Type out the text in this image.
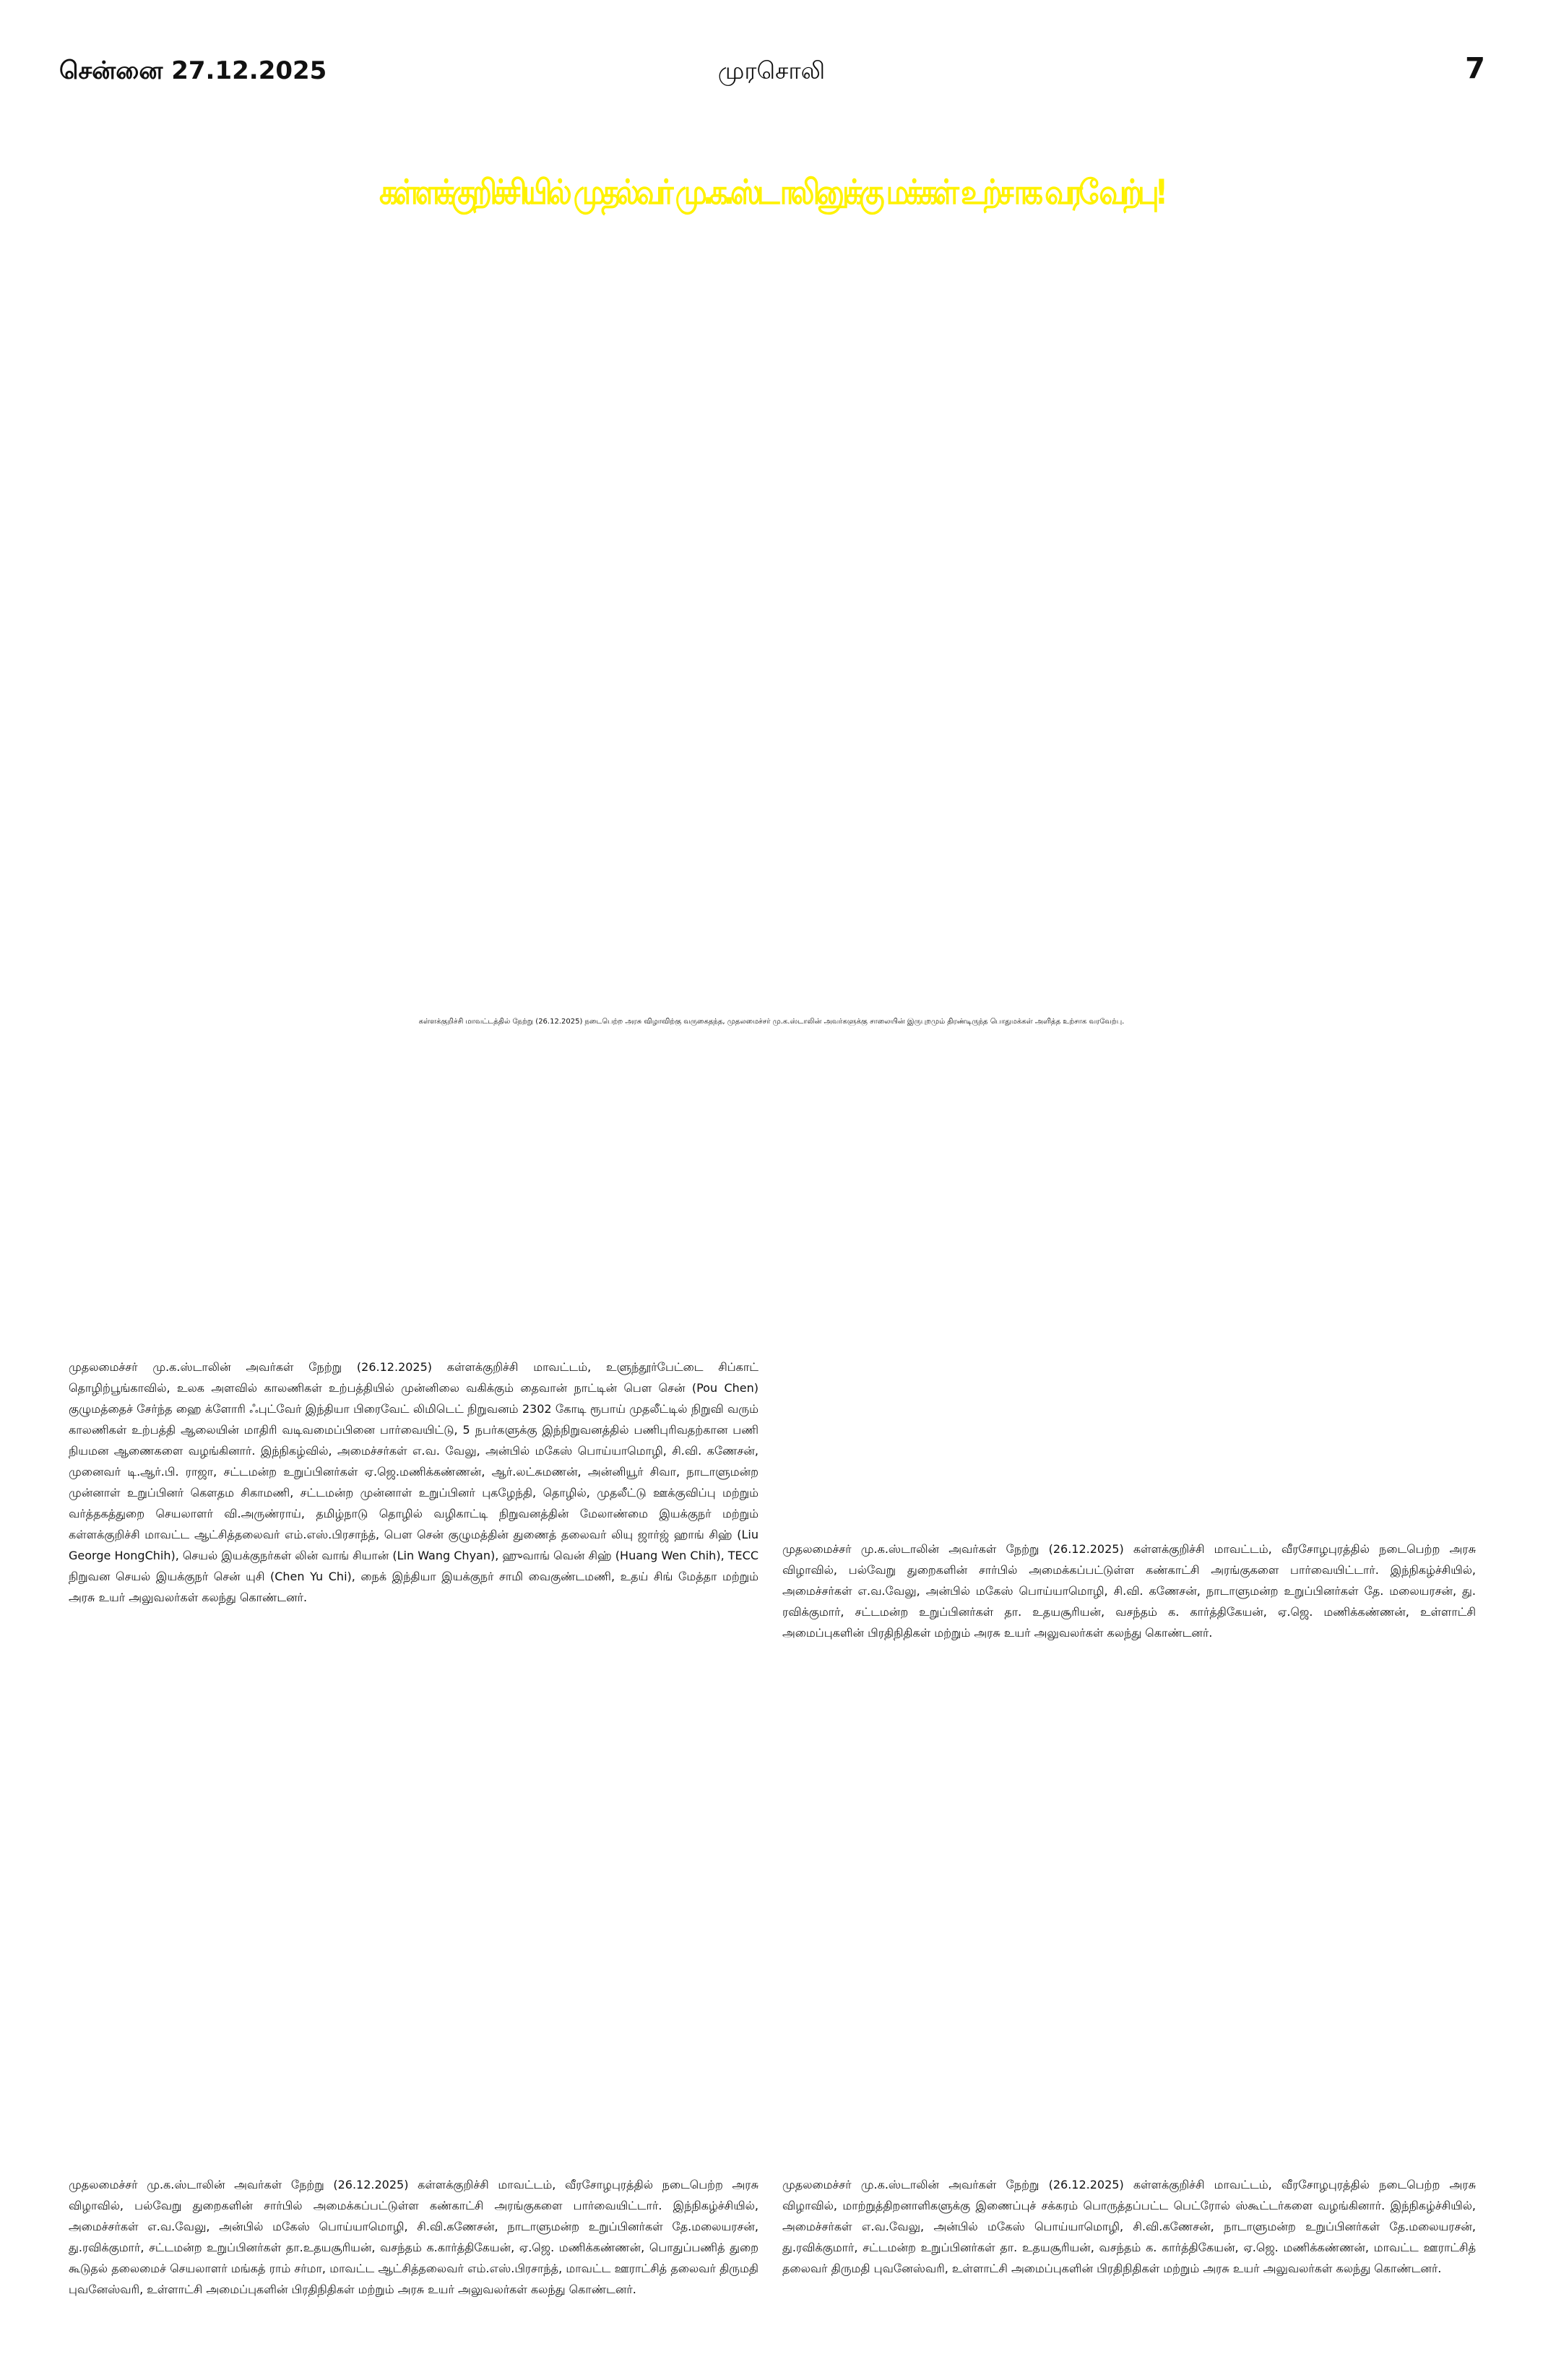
சென்னை 27.12.2025	முரசொலி	7
கள்ளக்குறிச்சியில் முதல்வர் மு.க.ஸ்டாலினுக்கு மக்கள் உற்சாக வரவேற்பு!
கள்ளக்குறிச்சி மாவட்டத்தில் நேற்று (26.12.2025) நடைபெற்ற அரசு விழாவிற்கு வருகைதந்த, முதலமைச்சர் மு.க.ஸ்டாலின் அவர்களுக்கு சாலையின் இருபுறமும் திரண்டிருந்த பொதுமக்கள் அளித்த உற்சாக வரவேற்பு.

முதலமைச்சர் மு.க.ஸ்டாலின் அவர்கள் நேற்று (26.12.2025) கள்ளக்குறிச்சி மாவட்டம், உளுந்தூர்பேட்டை சிப்காட் தொழிற்பூங்காவில், உலக அளவில் காலணிகள் உற்பத்தியில் முன்னிலை வகிக்கும் தைவான் நாட்டின் பௌ சென் (Pou Chen) குழுமத்தைச் சேர்ந்த ஹை க்ளோரி ஃபுட்வேர் இந்தியா பிரைவேட் லிமிடெட் நிறுவனம் 2302 கோடி ரூபாய் முதலீட்டில் நிறுவி வரும் காலணிகள் உற்பத்தி ஆலையின் மாதிரி வடிவமைப்பினை பார்வையிட்டு, 5 நபர்களுக்கு இந்நிறுவனத்தில் பணிபுரிவதற்கான பணி நியமன ஆணைகளை வழங்கினார். இந்நிகழ்வில், அமைச்சர்கள் எ.வ. வேலு, அன்பில் மகேஸ் பொய்யாமொழி, சி.வி. கணேசன், முனைவர் டி.ஆர்.பி. ராஜா, சட்டமன்ற உறுப்பினர்கள் ஏ.ஜெ.மணிக்கண்ணன், ஆர்.லட்சுமணன், அன்னியூர் சிவா, நாடாளுமன்ற முன்னாள் உறுப்பினர் கௌதம சிகாமணி, சட்டமன்ற முன்னாள் உறுப்பினர் புகழேந்தி, தொழில், முதலீட்டு ஊக்குவிப்பு மற்றும் வர்த்தகத்துறை செயலாளர் வி.அருண்ராய், தமிழ்நாடு தொழில் வழிகாட்டி நிறுவனத்தின் மேலாண்மை இயக்குநர் மற்றும் கள்ளக்குறிச்சி மாவட்ட ஆட்சித்தலைவர் எம்.எஸ்.பிரசாந்த், பௌ சென் குழுமத்தின் துணைத் தலைவர் லியு ஜார்ஜ் ஹாங் சிஹ் (Liu George HongChih), செயல் இயக்குநர்கள் லின் வாங் சியான் (Lin Wang Chyan), ஹுவாங் வென் சிஹ் (Huang Wen Chih), TECC நிறுவன செயல் இயக்குநர் சென் யுசி (Chen Yu Chi), நைக் இந்தியா இயக்குநர் சாமி வைகுண்டமணி, உதய் சிங் மேத்தா மற்றும் அரசு உயர் அலுவலர்கள் கலந்து கொண்டனர்.

முதலமைச்சர் மு.க.ஸ்டாலின் அவர்கள் நேற்று (26.12.2025) கள்ளக்குறிச்சி மாவட்டம், வீரசோழபுரத்தில் நடைபெற்ற அரசு விழாவில், பல்வேறு துறைகளின் சார்பில் அமைக்கப்பட்டுள்ள கண்காட்சி அரங்குகளை பார்வையிட்டார். இந்நிகழ்ச்சியில், அமைச்சர்கள் எ.வ.வேலு, அன்பில் மகேஸ் பொய்யாமொழி, சி.வி. கணேசன், நாடாளுமன்ற உறுப்பினர்கள் தே. மலையரசன், து. ரவிக்குமார், சட்டமன்ற உறுப்பினர்கள் தா. உதயசூரியன், வசந்தம் க. கார்த்திகேயன், ஏ.ஜெ. மணிக்கண்ணன், உள்ளாட்சி அமைப்புகளின் பிரதிநிதிகள் மற்றும் அரசு உயர் அலுவலர்கள் கலந்து கொண்டனர்.

முதலமைச்சர் மு.க.ஸ்டாலின் அவர்கள் நேற்று (26.12.2025) கள்ளக்குறிச்சி மாவட்டம், வீரசோழபுரத்தில் நடைபெற்ற அரசு விழாவில், பல்வேறு துறைகளின் சார்பில் அமைக்கப்பட்டுள்ள கண்காட்சி அரங்குகளை பார்வையிட்டார். இந்நிகழ்ச்சியில், அமைச்சர்கள் எ.வ.வேலு, அன்பில் மகேஸ் பொய்யாமொழி, சி.வி.கணேசன், நாடாளுமன்ற உறுப்பினர்கள் தே.மலையரசன், து.ரவிக்குமார், சட்டமன்ற உறுப்பினர்கள் தா.உதயசூரியன், வசந்தம் க.கார்த்திகேயன், ஏ.ஜெ. மணிக்கண்ணன், பொதுப்பணித் துறை கூடுதல் தலைமைச் செயலாளர் மங்கத் ராம் சர்மா, மாவட்ட ஆட்சித்தலைவர் எம்.எஸ்.பிரசாந்த், மாவட்ட ஊராட்சித் தலைவர் திருமதி புவனேஸ்வரி, உள்ளாட்சி அமைப்புகளின் பிரதிநிதிகள் மற்றும் அரசு உயர் அலுவலர்கள் கலந்து கொண்டனர்.

முதலமைச்சர் மு.க.ஸ்டாலின் அவர்கள் நேற்று (26.12.2025) கள்ளக்குறிச்சி மாவட்டம், வீரசோழபுரத்தில் நடைபெற்ற அரசு விழாவில், மாற்றுத்திறனாளிகளுக்கு இணைப்புச் சக்கரம் பொருத்தப்பட்ட பெட்ரோல் ஸ்கூட்டர்களை வழங்கினார். இந்நிகழ்ச்சியில், அமைச்சர்கள் எ.வ.வேலு, அன்பில் மகேஸ் பொய்யாமொழி, சி.வி.கணேசன், நாடாளுமன்ற உறுப்பினர்கள் தே.மலையரசன், து.ரவிக்குமார், சட்டமன்ற உறுப்பினர்கள் தா. உதயசூரியன், வசந்தம் க. கார்த்திகேயன், ஏ.ஜெ. மணிக்கண்ணன், மாவட்ட ஊராட்சித் தலைவர் திருமதி புவனேஸ்வரி, உள்ளாட்சி அமைப்புகளின் பிரதிநிதிகள் மற்றும் அரசு உயர் அலுவலர்கள் கலந்து கொண்டனர்.
